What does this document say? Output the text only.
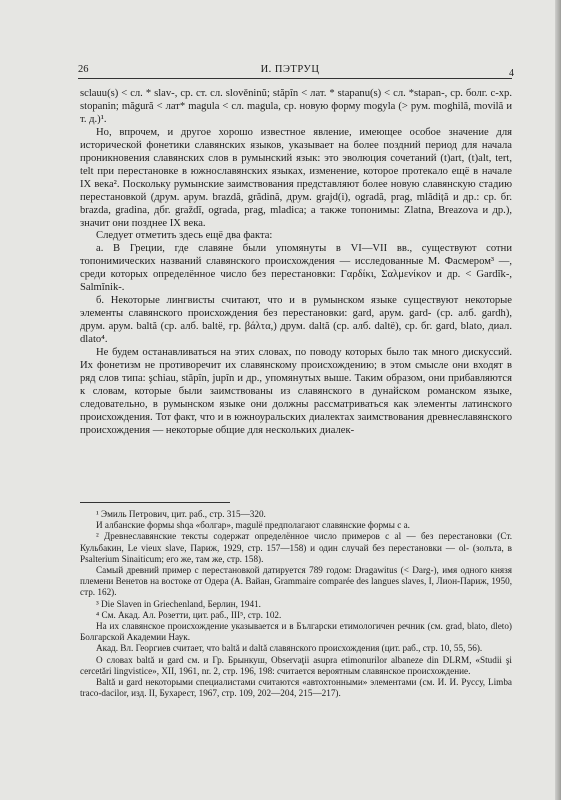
26	И. ПЭТРУЦ	4

sclauu(s) < сл. * slav-, ср. ст. сл. slověninŭ; stăpîn < лат. * stapanu(s) < сл. *stapan-, ср. болг. с-хр. stopanin; măgură < лат* magula < сл. magula, ср. новую форму mogyla (> рум. moghilă, movilă и т. д.)¹.

Но, впрочем, и другое хорошо известное явление, имеющее особое значение для исторической фонетики славянских языков, указывает на более поздний период для начала проникновения славянских слов в румынский язык: это эволюция сочетаний (t)art, (t)alt, tert, telt при перестановке в южнославянских языках, изменение, которое протекало ещё в начале IX века². Поскольку румынские заимствования представляют более новую славянскую стадию перестановкой (друм. арум. brazdă, grădină, друм. grajd(i), ogradă, prag, mlădiță и др.: ср. бг. brazda, gradina, дбг. grаždĭ, ograda, prag, mladica; а также топонимы: Zlatna, Breazova и др.), значит они позднее IX века.

Следует отметить здесь ещё два факта:

а. В Греции, где славяне были упомянуты в VI—VII вв., существуют сотни топонимических названий славянского происхождения — исследованные М. Фасмером³ —, среди которых определённое число без перестановки: Γαρδίκι, Σαλμενίκον и др. < Gardĭk-, Salmĭnik-.

б. Некоторые лингвисты считают, что и в румынском языке существуют некоторые элементы славянского происхождения без перестановки: gard, арум. gard- (ср. алб. gardh), друм. арум. baltă (ср. алб. baltë, гр. βάλτα,) друм. daltă (ср. алб. daltë), ср. бг. gard, blato, диал. dlato⁴.

Не будем останавливаться на этих словах, по поводу которых было так много дискуссий. Их фонетизм не противоречит их славянскому происхождению; в этом смысле они входят в ряд слов типа: şchiau, stăpîn, jupîn и др., упомянутых выше. Таким образом, они прибавляются к словам, которые были заимствованы из славянского в дунайском романском языке, следовательно, в румынском языке они должны рассматриваться как элементы латинского происхождения. Тот факт, что и в южноуральских диалектах заимствования древнеславянского происхождения — некоторые общие для нескольких диалек-

¹ Эмиль Петрович, цит. раб., стр. 315—320.

И албанские формы shqa «болгар», magulë предполагают славянские формы с a.

² Древнеславянские тексты содержат определённое число примеров с al — без перестановки (Ст. Кульбакин, Le vieux slave, Париж, 1929, стр. 157—158) и один случай без перестановки — ol- (золъта, в Psalterium Sinaiticum; его же, там же, стр. 158).

Самый древний пример с перестановкой датируется 789 годом: Dragawitus (< Darg-), имя одного князя племени Венетов на востоке от Одера (А. Вайан, Grammaire comparée des langues slaves, I, Лион-Париж, 1950, стр. 162).

³ Die Slaven in Griechenland, Берлин, 1941.

⁴ См. Акад. Ал. Розетти, цит. раб., III⁵, стр. 102.

На их славянское происхождение указывается и в Български етимологичен речник (см. grad, blato, dleto) Болгарской Академии Наук.

Акад. Вл. Георгиев считает, что baltă и daltă славянского происхождения (цит. раб., стр. 10, 55, 56).

О словах baltă и gard см. и Гр. Брынкуш, Observaţii asupra etimonurilor albaneze din DLRM, «Studii şi cercetări lingvistice», XII, 1961, nr. 2, стр. 196, 198: считается вероятным славянское происхождение.

Baltă и gard некоторыми специалистами считаются «автохтонными» элементами (см. И. И. Руссу, Limba traco-dacilor, изд. II, Бухарест, 1967, стр. 109, 202—204, 215—217).
